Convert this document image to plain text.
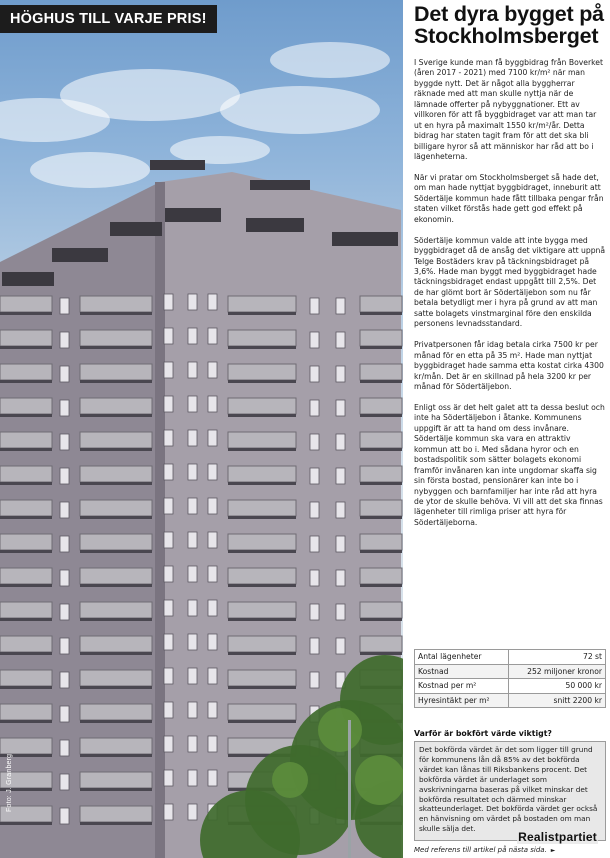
HÖGHUS TILL VARJE PRIS!
Foto: J. Granberg
Det dyra bygget på Stockholmsberget

I Sverige kunde man få byggbidrag från Boverket (åren 2017 - 2021) med 7100 kr/m² när man byggde nytt. Det är något alla byggherrar räknade med att man skulle nyttja när de lämnade offerter på nybyggnationer. Ett av villkoren för att få byggbidraget var att man tar ut en hyra på maximalt 1550 kr/m²/år. Detta bidrag har staten tagit fram för att det ska bli billigare hyror så att människor har råd att bo i lägenheterna.

När vi pratar om Stockholmsberget så hade det, om man hade nyttjat byggbidraget, inneburit att Södertälje kommun hade fått tillbaka pengar från staten vilket förstås hade gett god effekt på ekonomin.

Södertälje kommun valde att inte bygga med byggbidraget då de ansåg det viktigare att uppnå Telge Bostäders krav på täckningsbidraget på 3,6%. Hade man byggt med byggbidraget hade täckningsbidraget endast uppgått till 2,5%. Det de har glömt bort är Södertäljebon som nu får betala betydligt mer i hyra på grund av att man satte bolagets vinstmarginal före den enskilda personens levnadsstandard.

Privatpersonen får idag betala cirka 7500 kr per månad för en etta på 35 m². Hade man nyttjat byggbidraget hade samma etta kostat cirka 4300 kr/mån. Det är en skillnad på hela 3200 kr per månad för Södertäljebon.

Enligt oss är det helt galet att ta dessa beslut och inte ha Södertäljebon i åtanke. Kommunens uppgift är att ta hand om dess invånare. Södertälje kommun ska vara en attraktiv kommun att bo i. Med sådana hyror och en bostadspolitik som sätter bolagets ekonomi framför invånaren kan inte ungdomar skaffa sig sin första bostad, pensionärer kan inte bo i nybyggen och barnfamiljer har inte råd att hyra de ytor de skulle behöva. Vi vill att det ska finnas lägenheter till rimliga priser att hyra för Södertäljeborna.

Antal lägenheter	72 st
Kostnad	252 miljoner kronor
Kostnad per m²	50 000 kr
Hyresintäkt per m²	snitt 2200 kr
Varför är bokfört värde viktigt?
Det bokförda värdet är det som ligger till grund för kommunens lån då 85% av det bokförda värdet kan lånas till Riksbankens procent. Det bokförda värdet är underlaget som avskrivningarna baseras på vilket minskar det bokförda resultatet och därmed minskar skatteunderlaget. Det bokförda värdet ger också en hänvisning om värdet på bostaden om man skulle sälja det.
Realistpartiet
Med referens till artikel på nästa sida. ►
